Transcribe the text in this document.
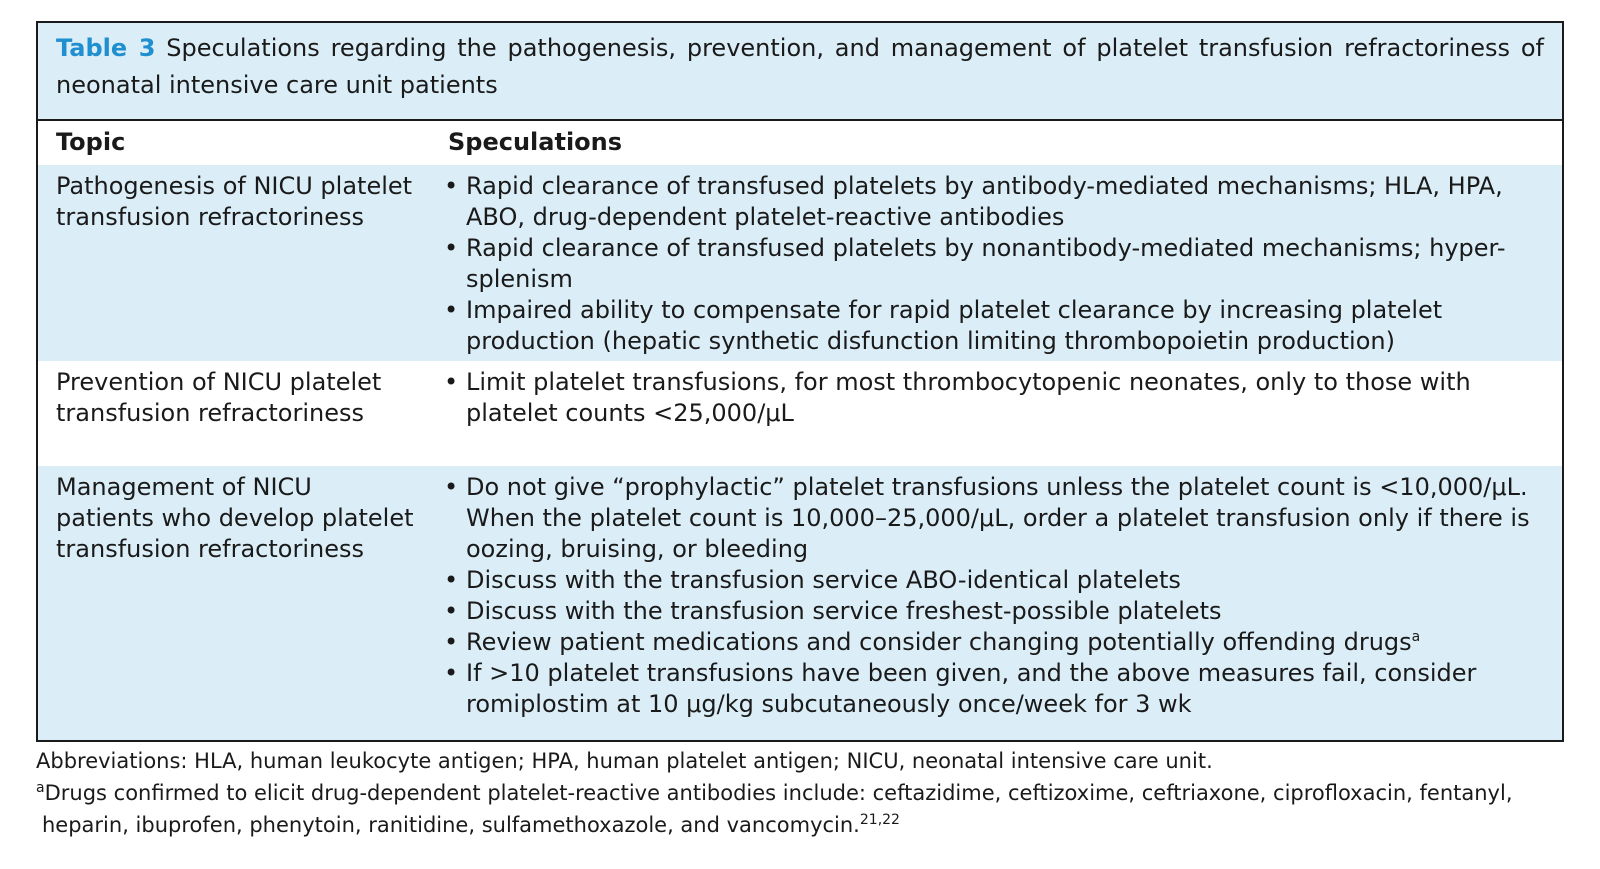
Table 3 Speculations regarding the pathogenesis, prevention, and management of platelet transfusion refractoriness of neonatal intensive care unit patients
Topic	Speculations
Pathogenesis of NICU platelet transfusion refractoriness
• Rapid clearance of transfused platelets by antibody-mediated mechanisms; HLA, HPA, ABO, drug-dependent platelet-reactive antibodies
• Rapid clearance of transfused platelets by nonantibody-mediated mechanisms; hyper-splenism
• Impaired ability to compensate for rapid platelet clearance by increasing platelet production (hepatic synthetic disfunction limiting thrombopoietin production)
Prevention of NICU platelet transfusion refractoriness
• Limit platelet transfusions, for most thrombocytopenic neonates, only to those with platelet counts <25,000/μL
Management of NICU patients who develop platelet transfusion refractoriness
• Do not give “prophylactic” platelet transfusions unless the platelet count is <10,000/μL. When the platelet count is 10,000–25,000/μL, order a platelet transfusion only if there is oozing, bruising, or bleeding
• Discuss with the transfusion service ABO-identical platelets
• Discuss with the transfusion service freshest-possible platelets
• Review patient medications and consider changing potentially offending drugs$^a$
• If >10 platelet transfusions have been given, and the above measures fail, consider romiplostim at 10 μg/kg subcutaneously once/week for 3 wk
Abbreviations: HLA, human leukocyte antigen; HPA, human platelet antigen; NICU, neonatal intensive care unit.
$^a$Drugs confirmed to elicit drug-dependent platelet-reactive antibodies include: ceftazidime, ceftizoxime, ceftriaxone, ciprofloxacin, fentanyl, heparin, ibuprofen, phenytoin, ranitidine, sulfamethoxazole, and vancomycin.$^{21,22}$
